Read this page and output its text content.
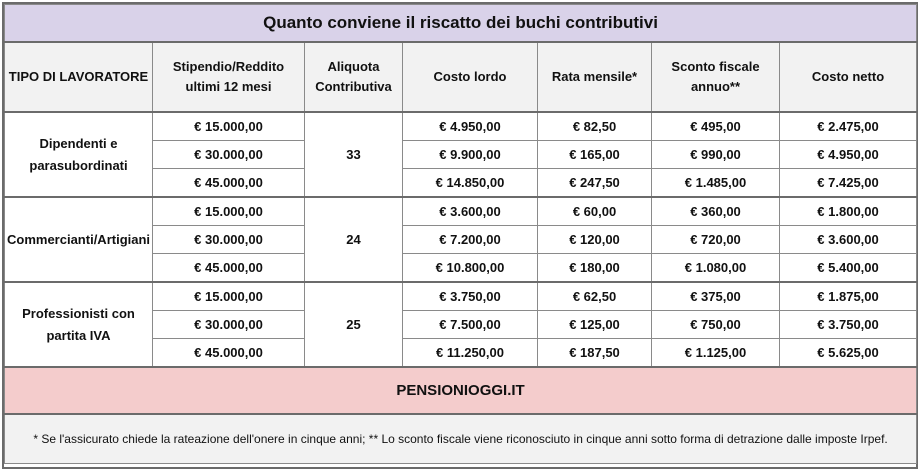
Quanto conviene il riscatto dei buchi contributivi						
TIPO DI LAVORATORE	Stipendio/Reddito ultimi 12 mesi	Aliquota Contributiva	Costo lordo	Rata mensile*	Sconto fiscale annuo**	Costo netto
Dipendenti e parasubordinati	€ 15.000,00	33	€ 4.950,00	€ 82,50	€ 495,00	€ 2.475,00
	€ 30.000,00		€ 9.900,00	€ 165,00	€ 990,00	€ 4.950,00
	€ 45.000,00		€ 14.850,00	€ 247,50	€ 1.485,00	€ 7.425,00
Commercianti/Artigiani	€ 15.000,00	24	€ 3.600,00	€ 60,00	€ 360,00	€ 1.800,00
	€ 30.000,00		€ 7.200,00	€ 120,00	€ 720,00	€ 3.600,00
	€ 45.000,00		€ 10.800,00	€ 180,00	€ 1.080,00	€ 5.400,00
Professionisti con partita IVA	€ 15.000,00	25	€ 3.750,00	€ 62,50	€ 375,00	€ 1.875,00
	€ 30.000,00		€ 7.500,00	€ 125,00	€ 750,00	€ 3.750,00
	€ 45.000,00		€ 11.250,00	€ 187,50	€ 1.125,00	€ 5.625,00
PENSIONIOGGI.IT						
* Se l'assicurato chiede la rateazione dell'onere in cinque anni; ** Lo sconto fiscale viene riconosciuto in cinque anni sotto forma di detrazione dalle imposte Irpef.						
